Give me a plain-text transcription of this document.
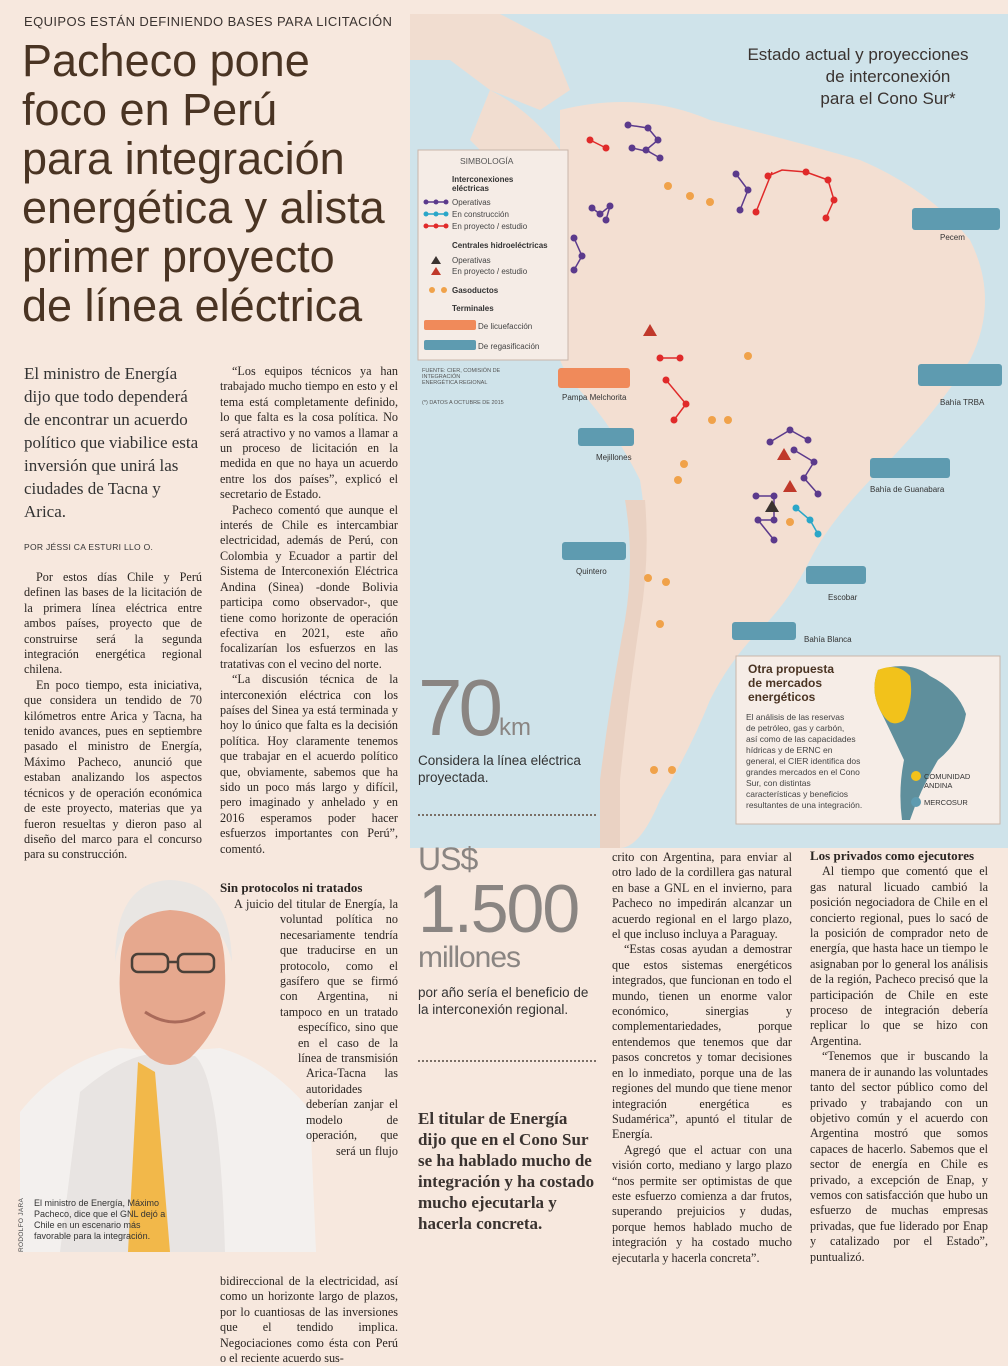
EQUIPOS ESTÁN DEFINIENDO BASES PARA LICITACIÓN
Pacheco pone
foco en Perú
para integración
energética y alista
primer proyecto
de línea eléctrica
El ministro de Energía dijo que todo dependerá de encontrar un acuerdo político que viabilice esta inversión que unirá las ciudades de Tacna y Arica.
POR JÉSSI CA ESTURI LLO O.

Por estos días Chile y Perú definen las bases de la licitación de la primera línea eléctrica entre ambos países, proyecto que de construirse será la segunda integración energética regional chilena.

En poco tiempo, esta iniciativa, que considera un tendido de 70 kilómetros entre Arica y Tacna, ha tenido avances, pues en septiembre pasado el ministro de Energía, Máximo Pacheco, anunció que estaban analizando los aspectos técnicos y de operación económica de este proyecto, materias que ya fueron resueltas y dieron paso al diseño del marco para el concurso para su construcción.

“Los equipos técnicos ya han trabajado mucho tiempo en esto y el tema está completamente definido, lo que falta es la cosa política. No será atractivo y no vamos a llamar a un proceso de licitación en la medida en que no haya un acuerdo entre los dos países”, explicó el secretario de Estado.

Pacheco comentó que aunque el interés de Chile es intercambiar electricidad, además de Perú, con Colombia y Ecuador a partir del Sistema de Interconexión Eléctrica Andina (Sinea) -donde Bolivia participa como observador-, que tiene como horizonte de operación efectiva en 2021, este año focalizarían los esfuerzos en las tratativas con el vecino del norte.

“La discusión técnica de la interconexión eléctrica con los países del Sinea ya está terminada y hoy lo único que falta es la decisión política. Hoy claramente tenemos que trabajar en el acuerdo político que, obviamente, sabemos que ha sido un poco más largo y difícil, pero imaginado y anhelado y en 2016 esperamos poder hacer esfuerzos importantes con Perú”, comentó.

El ministro de Energía, Máximo Pacheco, dice que el GNL dejó a Chile en un escenario más favorable para la integración.
RODOLFO JARA
Sin protocolos ni tratados

A juicio del titular de Energía, la voluntad política no necesariamente tendría que traducirse en un protocolo, como el gasífero que se firmó con Argentina, ni tampoco en un tratado específico, sino que en el caso de la línea de transmisión Arica-Tacna las autoridades deberían zanjar el modelo de operación, que será un flujo bidireccional de la electricidad, así como un horizonte largo de plazos, por lo cuantiosas de las inversiones que el tendido implica. Negociaciones como ésta con Perú o el reciente acuerdo sus-

Estado actual y proyecciones
de interconexión
para el Cono Sur*
SIMBOLOGÍA
Interconexiones
eléctricas
Operativas
En construcción
En proyecto / estudio
Centrales hidroeléctricas
Operativas
En proyecto / estudio
Gasoductos
Terminales
De licuefacción
De regasificación
FUENTE: CIER, COMISIÓN DE
INTEGRACIÓN
ENERGÉTICA REGIONAL
(*) DATOS A OCTUBRE DE 2015
Pecem
Bahía TRBA
Bahía de Guanabara
Pampa Melchorita
Mejillones
Quintero
Escobar
Bahía Blanca
Otra propuesta
de mercados
energéticos
El análisis de las reservas
de petróleo, gas y carbón,
así como de las capacidades
hídricas y de ERNC en
general, el CIER identifica dos
grandes mercados en el Cono
Sur, con distintas
características y beneficios
resultantes de una integración.
COMUNIDAD
ANDINA
MERCOSUR
70km
Considera la línea eléctrica proyectada.
US$
1.500
millones
por año sería el beneficio de la interconexión regional.
El titular de Energía dijo que en el Cono Sur se ha hablado mucho de integración y ha costado mucho ejecutarla y hacerla concreta.

crito con Argentina, para enviar al otro lado de la cordillera gas natural en base a GNL en el invierno, para Pacheco no impedirán alcanzar un acuerdo regional en el largo plazo, el que incluso incluya a Paraguay.

“Estas cosas ayudan a demostrar que estos sistemas energéticos integrados, que funcionan en todo el mundo, tienen un enorme valor económico, sinergias y complementariedades, porque entendemos que tenemos que dar pasos concretos y tomar decisiones en lo inmediato, porque una de las regiones del mundo que tiene menor integración energética es Sudamérica”, apuntó el titular de Energía.

Agregó que el actuar con una visión corto, mediano y largo plazo “nos permite ser optimistas de que este esfuerzo comienza a dar frutos, superando prejuicios y dudas, porque hemos hablado mucho de integración y ha costado mucho ejecutarla y hacerla concreta”.

Los privados como ejecutores

Al tiempo que comentó que el gas natural licuado cambió la posición negociadora de Chile en el concierto regional, pues lo sacó de la posición de comprador neto de energía, que hasta hace un tiempo le asignaban por lo general los análisis de la región, Pacheco precisó que la participación de Chile en este proceso de integración debería replicar lo que se hizo con Argentina.

“Tenemos que ir buscando la manera de ir aunando las voluntades tanto del sector público como del privado y trabajando con un objetivo común y el acuerdo con Argentina mostró que somos capaces de hacerlo. Sabemos que el sector de energía en Chile es privado, a excepción de Enap, y vemos con satisfacción que hubo un esfuerzo de muchas empresas privadas, que fue liderado por Enap y catalizado por el Estado”, puntualizó.
